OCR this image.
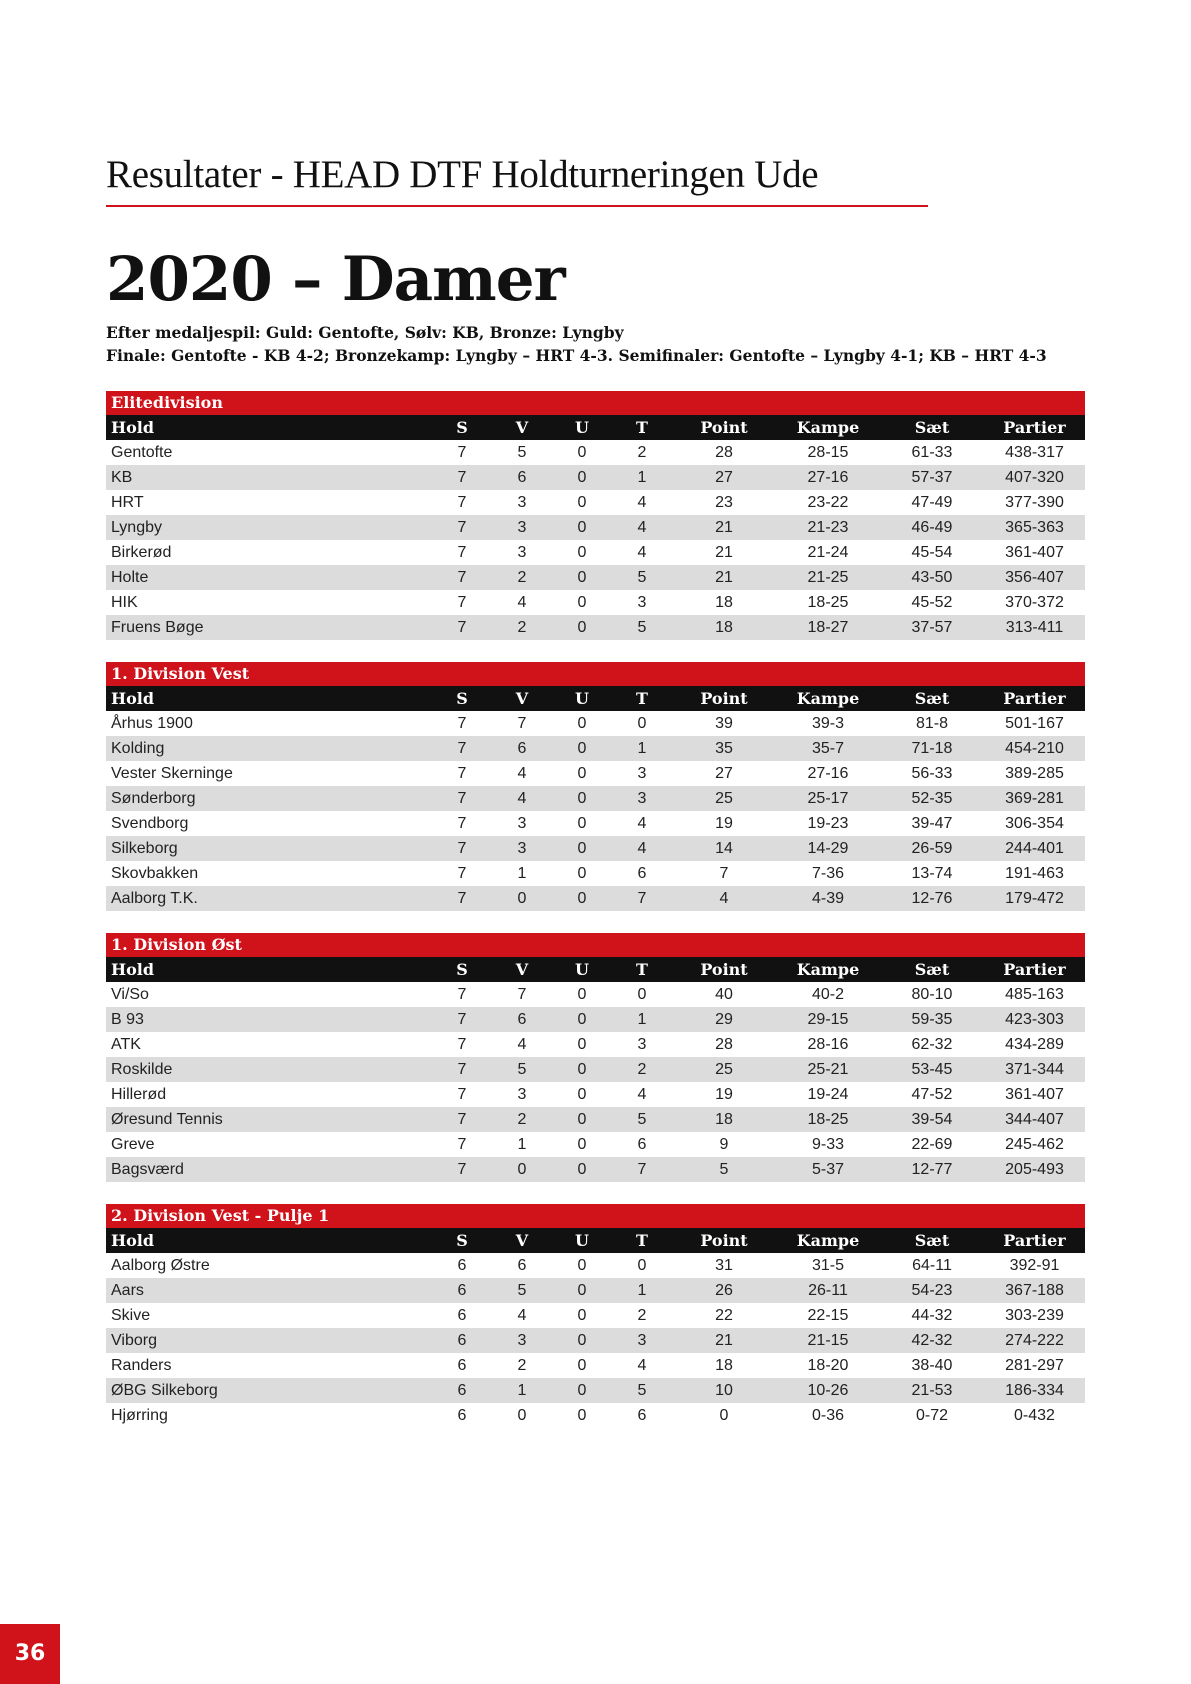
Resultater - HEAD DTF Holdturneringen Ude
2020 – Damer
Efter medaljespil: Guld: Gentofte, Sølv: KB, Bronze: Lyngby
Finale: Gentofte - KB 4-2; Bronzekamp: Lyngby – HRT 4-3. Semifinaler: Gentofte – Lyngby 4-1; KB – HRT 4-3
Elitedivision
Hold	S	V	U	T	Point	Kampe	Sæt	Partier
Gentofte	7	5	0	2	28	28-15	61-33	438-317
KB	7	6	0	1	27	27-16	57-37	407-320
HRT	7	3	0	4	23	23-22	47-49	377-390
Lyngby	7	3	0	4	21	21-23	46-49	365-363
Birkerød	7	3	0	4	21	21-24	45-54	361-407
Holte	7	2	0	5	21	21-25	43-50	356-407
HIK	7	4	0	3	18	18-25	45-52	370-372
Fruens Bøge	7	2	0	5	18	18-27	37-57	313-411
1. Division Vest
Hold	S	V	U	T	Point	Kampe	Sæt	Partier
Århus 1900	7	7	0	0	39	39-3	81-8	501-167
Kolding	7	6	0	1	35	35-7	71-18	454-210
Vester Skerninge	7	4	0	3	27	27-16	56-33	389-285
Sønderborg	7	4	0	3	25	25-17	52-35	369-281
Svendborg	7	3	0	4	19	19-23	39-47	306-354
Silkeborg	7	3	0	4	14	14-29	26-59	244-401
Skovbakken	7	1	0	6	7	7-36	13-74	191-463
Aalborg T.K.	7	0	0	7	4	4-39	12-76	179-472
1. Division Øst
Hold	S	V	U	T	Point	Kampe	Sæt	Partier
Vi/So	7	7	0	0	40	40-2	80-10	485-163
B 93	7	6	0	1	29	29-15	59-35	423-303
ATK	7	4	0	3	28	28-16	62-32	434-289
Roskilde	7	5	0	2	25	25-21	53-45	371-344
Hillerød	7	3	0	4	19	19-24	47-52	361-407
Øresund Tennis	7	2	0	5	18	18-25	39-54	344-407
Greve	7	1	0	6	9	9-33	22-69	245-462
Bagsværd	7	0	0	7	5	5-37	12-77	205-493
2. Division Vest - Pulje 1
Hold	S	V	U	T	Point	Kampe	Sæt	Partier
Aalborg Østre	6	6	0	0	31	31-5	64-11	392-91
Aars	6	5	0	1	26	26-11	54-23	367-188
Skive	6	4	0	2	22	22-15	44-32	303-239
Viborg	6	3	0	3	21	21-15	42-32	274-222
Randers	6	2	0	4	18	18-20	38-40	281-297
ØBG Silkeborg	6	1	0	5	10	10-26	21-53	186-334
Hjørring	6	0	0	6	0	0-36	0-72	0-432
36
